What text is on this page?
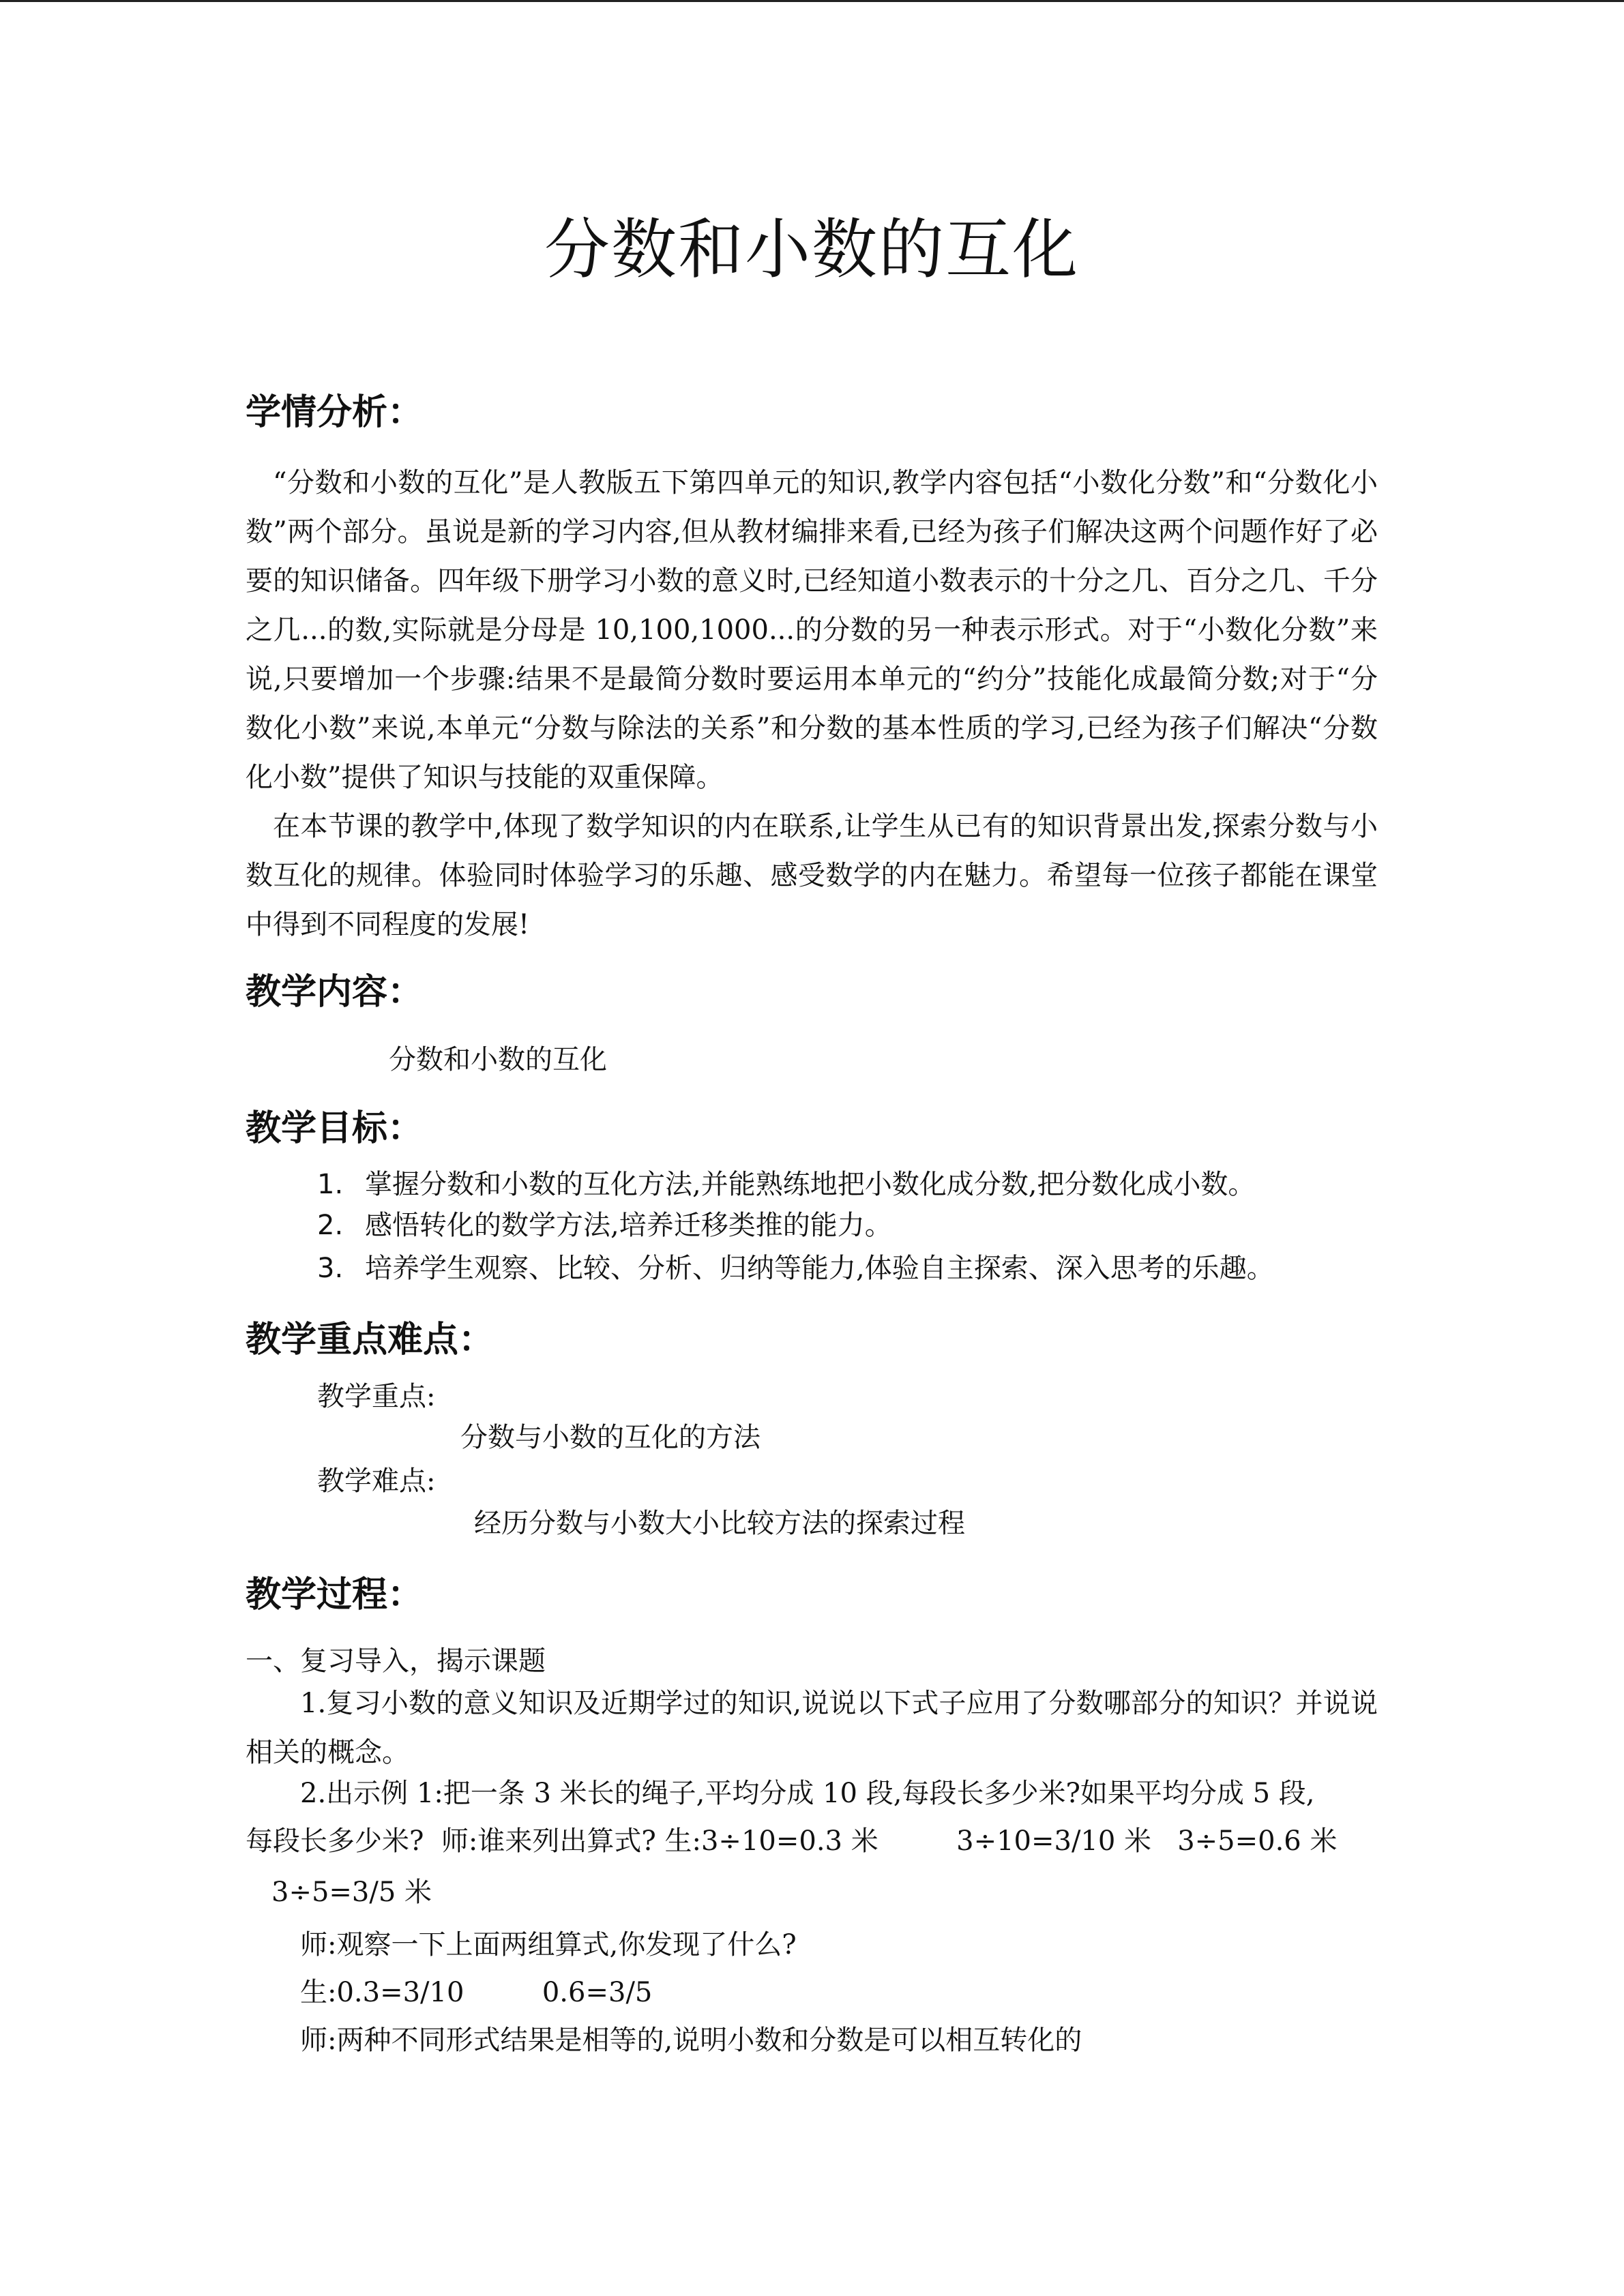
分数和小数的互化
学情分析：
“分数和小数的互化”是人教版五下第四单元的知识,教学内容包括“小数化分数”和“分数化小数”两个部分。虽说是新的学习内容,但从教材编排来看,已经为孩子们解决这两个问题作好了必要的知识储备。四年级下册学习小数的意义时,已经知道小数表示的十分之几、百分之几、千分之几...的数,实际就是分母是 10,100,1000...的分数的另一种表示形式。对于“小数化分数”来说,只要增加一个步骤:结果不是最简分数时要运用本单元的“约分”技能化成最简分数;对于“分数化小数”来说,本单元“分数与除法的关系”和分数的基本性质的学习,已经为孩子们解决“分数化小数”提供了知识与技能的双重保障。
在本节课的教学中,体现了数学知识的内在联系,让学生从已有的知识背景出发,探索分数与小数互化的规律。体验同时体验学习的乐趣、感受数学的内在魅力。希望每一位孩子都能在课堂中得到不同程度的发展!
教学内容：
分数和小数的互化
教学目标：
1. 掌握分数和小数的互化方法,并能熟练地把小数化成分数,把分数化成小数。
2. 感悟转化的数学方法,培养迁移类推的能力。
3. 培养学生观察、比较、分析、归纳等能力,体验自主探索、深入思考的乐趣。
教学重点难点：
教学重点:
分数与小数的互化的方法
教学难点:
经历分数与小数大小比较方法的探索过程
教学过程：
一、复习导入，揭示课题
1.复习小数的意义知识及近期学过的知识,说说以下式子应用了分数哪部分的知识？并说说相关的概念。
2.出示例 1:把一条 3 米长的绳子,平均分成 10 段,每段长多少米?如果平均分成 5 段,
每段长多少米?  师:谁来列出算式? 生:3÷10=0.3 米         3÷10=3/10 米   3÷5=0.6 米
3÷5=3/5 米
师:观察一下上面两组算式,你发现了什么?
生:0.3=3/10         0.6=3/5
师:两种不同形式结果是相等的,说明小数和分数是可以相互转化的
